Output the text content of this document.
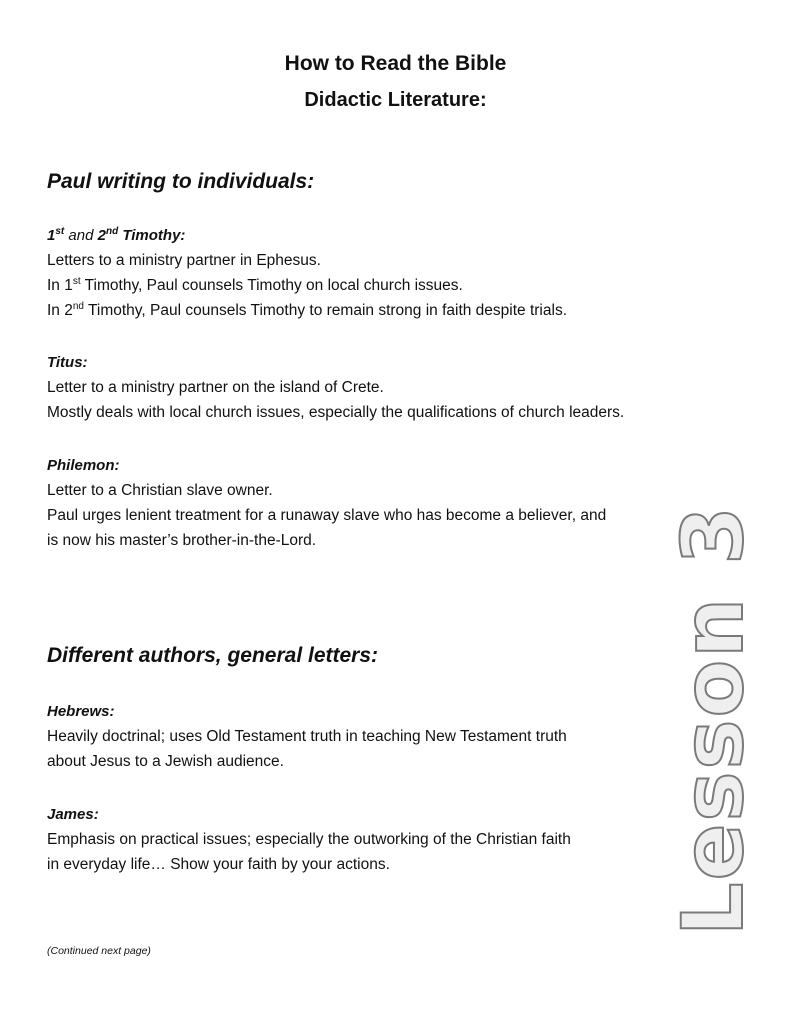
How to Read the Bible
Didactic Literature:
Paul writing to individuals:
1st and 2nd Timothy:
Letters to a ministry partner in Ephesus.
In 1st Timothy, Paul counsels Timothy on local church issues.
In 2nd Timothy, Paul counsels Timothy to remain strong in faith despite trials.
Titus:
Letter to a ministry partner on the island of Crete.
Mostly deals with local church issues, especially the qualifications of church leaders.
Philemon:
Letter to a Christian slave owner.
Paul urges lenient treatment for a runaway slave who has become a believer, and
is now his master’s brother-in-the-Lord.
Different authors, general letters:
Hebrews:
Heavily doctrinal; uses Old Testament truth in teaching New Testament truth
about Jesus to a Jewish audience.
James:
Emphasis on practical issues; especially the outworking of the Christian faith
in everyday life… Show your faith by your actions.
(Continued next page)
Lesson 3
